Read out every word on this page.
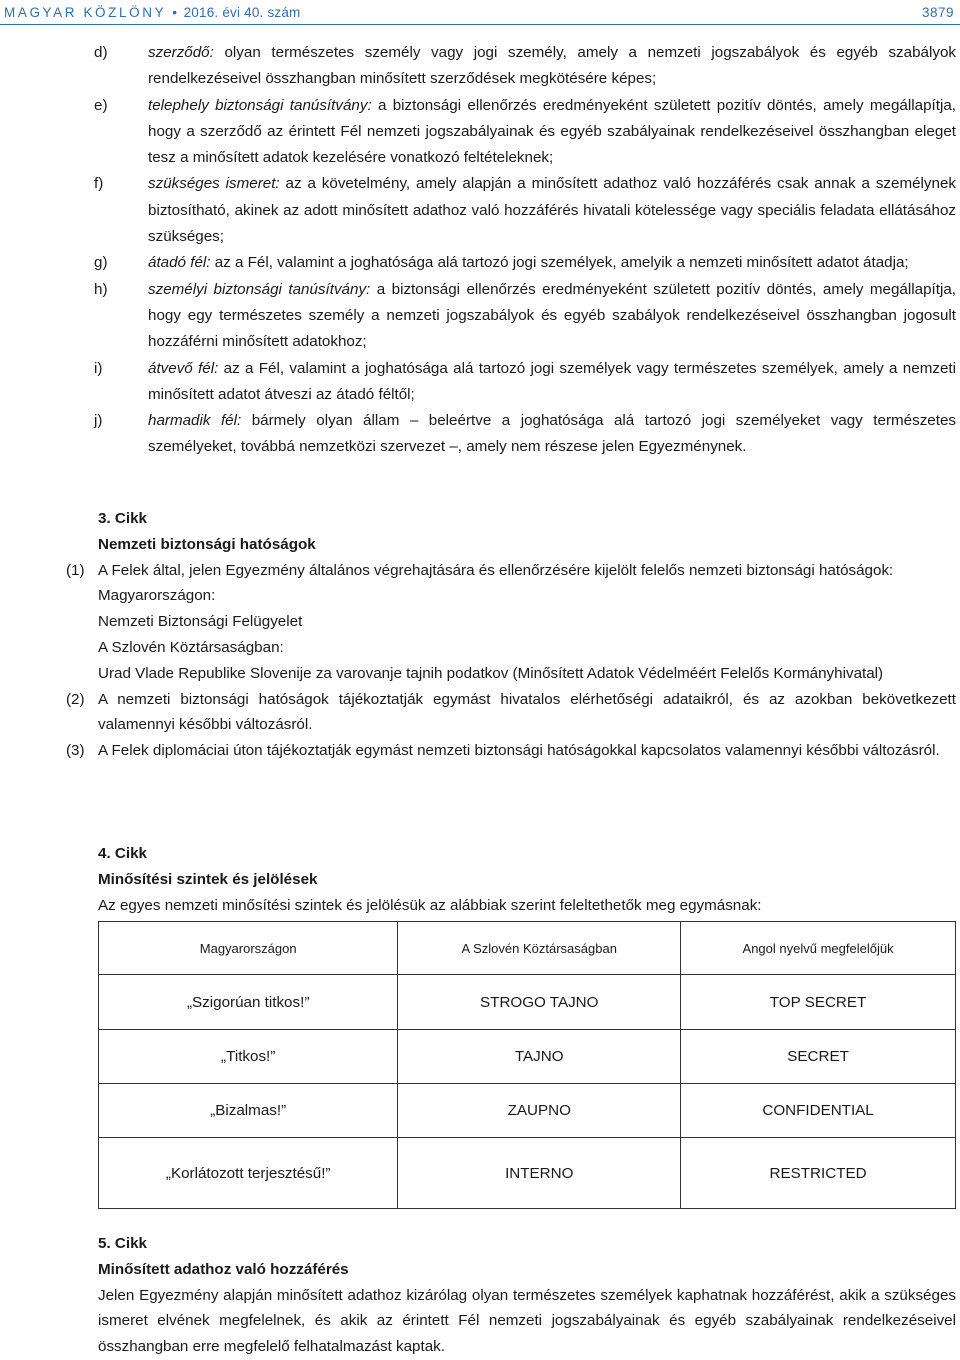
MAGYAR KÖZLÖNY • 2016. évi 40. szám	3879
d)	szerződő: olyan természetes személy vagy jogi személy, amely a nemzeti jogszabályok és egyéb szabályok rendelkezéseivel összhangban minősített szerződések megkötésére képes;
e)	telephely biztonsági tanúsítvány: a biztonsági ellenőrzés eredményeként született pozitív döntés, amely megállapítja, hogy a szerződő az érintett Fél nemzeti jogszabályainak és egyéb szabályainak rendelkezéseivel összhangban eleget tesz a minősített adatok kezelésére vonatkozó feltételeknek;
f)	szükséges ismeret: az a követelmény, amely alapján a minősített adathoz való hozzáférés csak annak a személynek biztosítható, akinek az adott minősített adathoz való hozzáférés hivatali kötelessége vagy speciális feladata ellátásához szükséges;
g)	átadó fél: az a Fél, valamint a joghatósága alá tartozó jogi személyek, amelyik a nemzeti minősített adatot átadja;
h)	személyi biztonsági tanúsítvány: a biztonsági ellenőrzés eredményeként született pozitív döntés, amely megállapítja, hogy egy természetes személy a nemzeti jogszabályok és egyéb szabályok rendelkezéseivel összhangban jogosult hozzáférni minősített adatokhoz;
i)	átvevő fél: az a Fél, valamint a joghatósága alá tartozó jogi személyek vagy természetes személyek, amely a nemzeti minősített adatot átveszi az átadó féltől;
j)	harmadik fél: bármely olyan állam – beleértve a joghatósága alá tartozó jogi személyeket vagy természetes személyeket, továbbá nemzetközi szervezet –, amely nem részese jelen Egyezménynek.
3. Cikk
Nemzeti biztonsági hatóságok
(1) A Felek által, jelen Egyezmény általános végrehajtására és ellenőrzésére kijelölt felelős nemzeti biztonsági hatóságok:
Magyarországon:
Nemzeti Biztonsági Felügyelet
A Szlovén Köztársaságban:
Urad Vlade Republike Slovenije za varovanje tajnih podatkov (Minősített Adatok Védelméért Felelős Kormányhivatal)
(2) A nemzeti biztonsági hatóságok tájékoztatják egymást hivatalos elérhetőségi adataikról, és az azokban bekövetkezett valamennyi későbbi változásról.
(3) A Felek diplomáciai úton tájékoztatják egymást nemzeti biztonsági hatóságokkal kapcsolatos valamennyi későbbi változásról.
4. Cikk
Minősítési szintek és jelölések
Az egyes nemzeti minősítési szintek és jelölésük az alábbiak szerint feleltethetők meg egymásnak:
Magyarországon	A Szlovén Köztársaságban	Angol nyelvű megfelelőjük
„Szigorúan titkos!”	STROGO TAJNO	TOP SECRET
„Titkos!”	TAJNO	SECRET
„Bizalmas!”	ZAUPNO	CONFIDENTIAL
„Korlátozott terjesztésű!”	INTERNO	RESTRICTED
5. Cikk
Minősített adathoz való hozzáférés
Jelen Egyezmény alapján minősített adathoz kizárólag olyan természetes személyek kaphatnak hozzáférést, akik a szükséges ismeret elvének megfelelnek, és akik az érintett Fél nemzeti jogszabályainak és egyéb szabályainak rendelkezéseivel összhangban erre megfelelő felhatalmazást kaptak.
